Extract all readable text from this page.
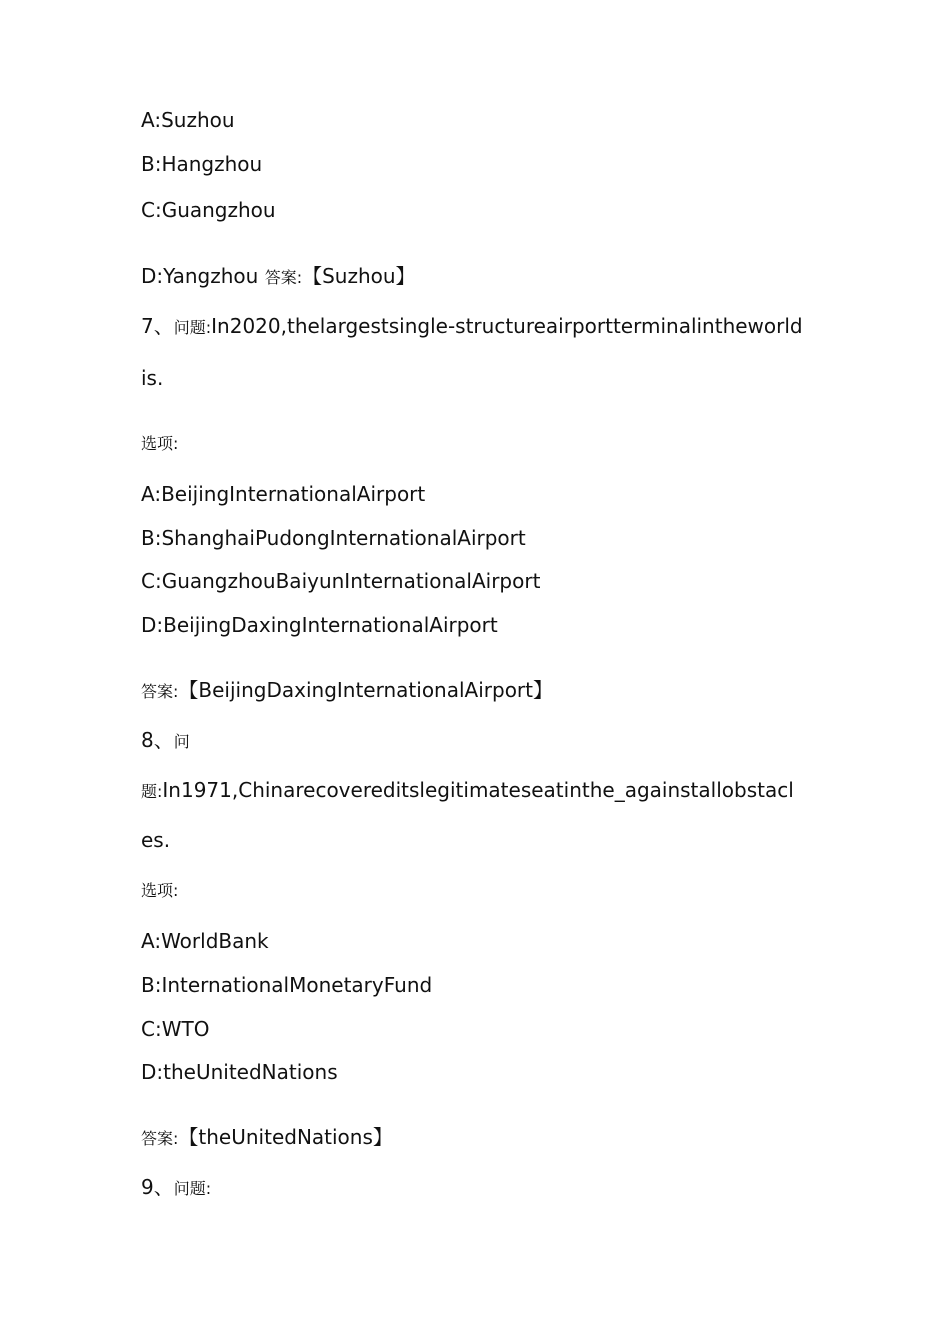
A:Suzhou
B:Hangzhou
C:Guangzhou
D:Yangzhou 答案:【Suzhou】
7、问题:In2020,thelargestsingle-structureairportterminalintheworld
is.
选项:
A:BeijingInternationalAirport
B:ShanghaiPudongInternationalAirport
C:GuangzhouBaiyunInternationalAirport
D:BeijingDaxingInternationalAirport
答案:【BeijingDaxingInternationalAirport】
8、问
题:In1971,Chinarecovereditslegitimateseatinthe_againstallobstacl
es.
选项:
A:WorldBank
B:InternationalMonetaryFund
C:WTO
D:theUnitedNations
答案:【theUnitedNations】
9、问题:
